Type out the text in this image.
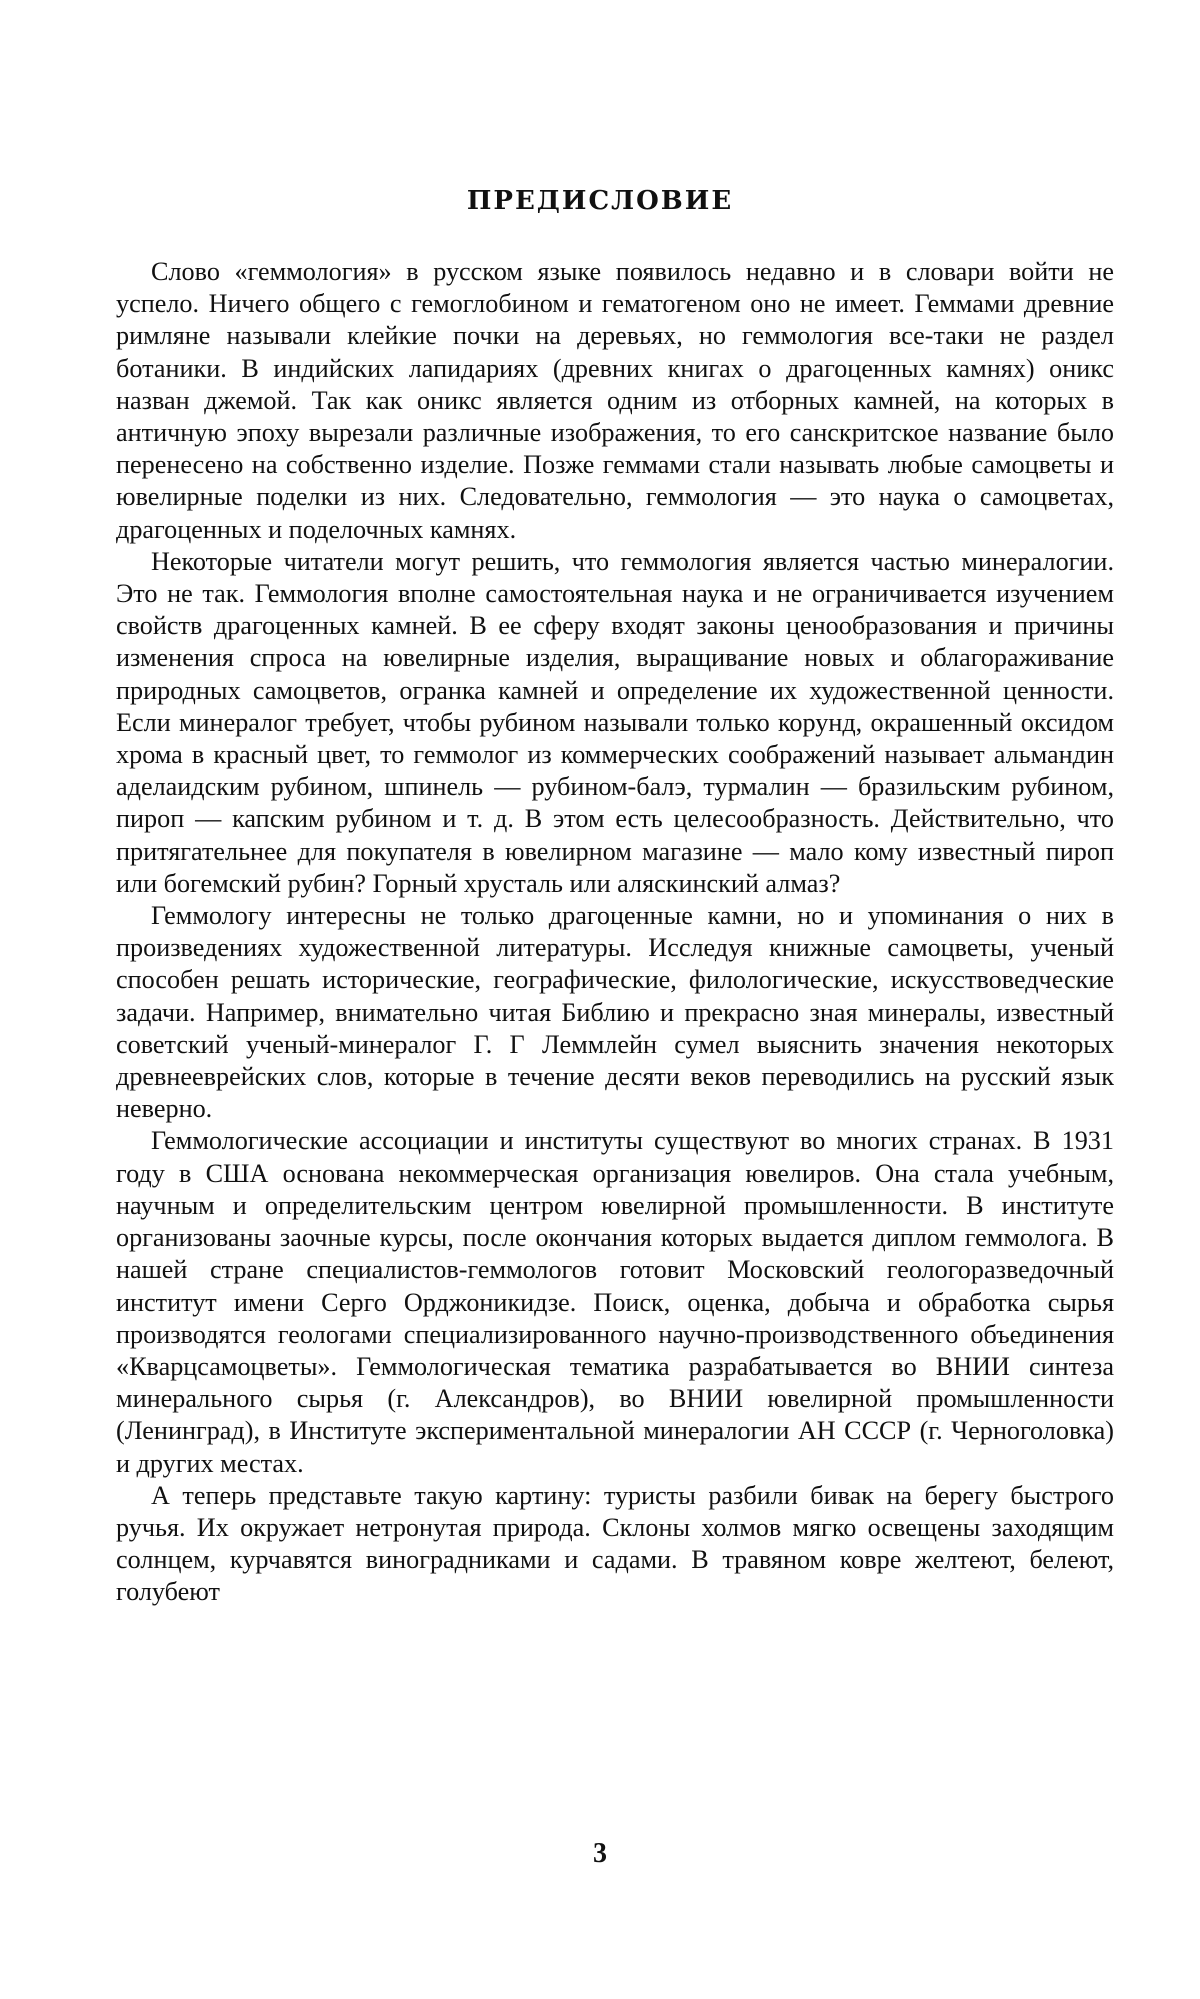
ПРЕДИСЛОВИЕ

Слово «геммология» в русском языке появилось недавно и в словари войти не успело. Ничего общего с гемоглобином и гематогеном оно не имеет. Геммами древние римляне называли клейкие почки на деревьях, но геммология все-таки не раздел ботаники. В индийских лапидариях (древних книгах о драгоценных камнях) оникс назван джемой. Так как оникс является одним из отборных камней, на которых в античную эпоху вырезали различные изображения, то его санскритское название было перенесено на собственно изделие. Позже геммами стали называть любые самоцветы и ювелирные поделки из них. Следовательно, геммология — это наука о самоцветах, драгоценных и поделочных камнях.

Некоторые читатели могут решить, что геммология является частью минералогии. Это не так. Геммология вполне самостоятельная наука и не ограничивается изучением свойств драгоценных камней. В ее сферу входят законы ценообразования и причины изменения спроса на ювелирные изделия, выращивание новых и облагораживание природных самоцветов, огранка камней и определение их художественной ценности. Если минералог требует, чтобы рубином называли только корунд, окрашенный оксидом хрома в красный цвет, то геммолог из коммерческих соображений называет альмандин аделаидским рубином, шпинель — рубином-балэ, турмалин — бразильским рубином, пироп — капским рубином и т. д. В этом есть целесообразность. Действительно, что притягательнее для покупателя в ювелирном магазине — мало кому известный пироп или богемский рубин? Горный хрусталь или аляскинский алмаз?

Геммологу интересны не только драгоценные камни, но и упоминания о них в произведениях художественной литературы. Исследуя книжные самоцветы, ученый способен решать исторические, географические, филологические, искусствоведческие задачи. Например, внимательно читая Библию и прекрасно зная минералы, известный советский ученый-минералог Г. Г Леммлейн сумел выяснить значения некоторых древнееврейских слов, которые в течение десяти веков переводились на русский язык неверно.

Геммологические ассоциации и институты существуют во многих странах. В 1931 году в США основана некоммерческая организация ювелиров. Она стала учебным, научным и определительским центром ювелирной промышленности. В институте организованы заочные курсы, после окончания которых выдается диплом геммолога. В нашей стране специалистов-геммологов готовит Московский геологоразведочный институт имени Серго Орджоникидзе. Поиск, оценка, добыча и обработка сырья производятся геологами специализированного научно-производственного объединения «Кварцсамоцветы». Геммологическая тематика разрабатывается во ВНИИ синтеза минерального сырья (г. Александров), во ВНИИ ювелирной промышленности (Ленинград), в Институте экспериментальной минералогии АН СССР (г. Черноголовка) и других местах.

А теперь представьте такую картину: туристы разбили бивак на берегу быстрого ручья. Их окружает нетронутая природа. Склоны холмов мягко освещены заходящим солнцем, курчавятся виноградниками и садами. В травяном ковре желтеют, белеют, голубеют

3
